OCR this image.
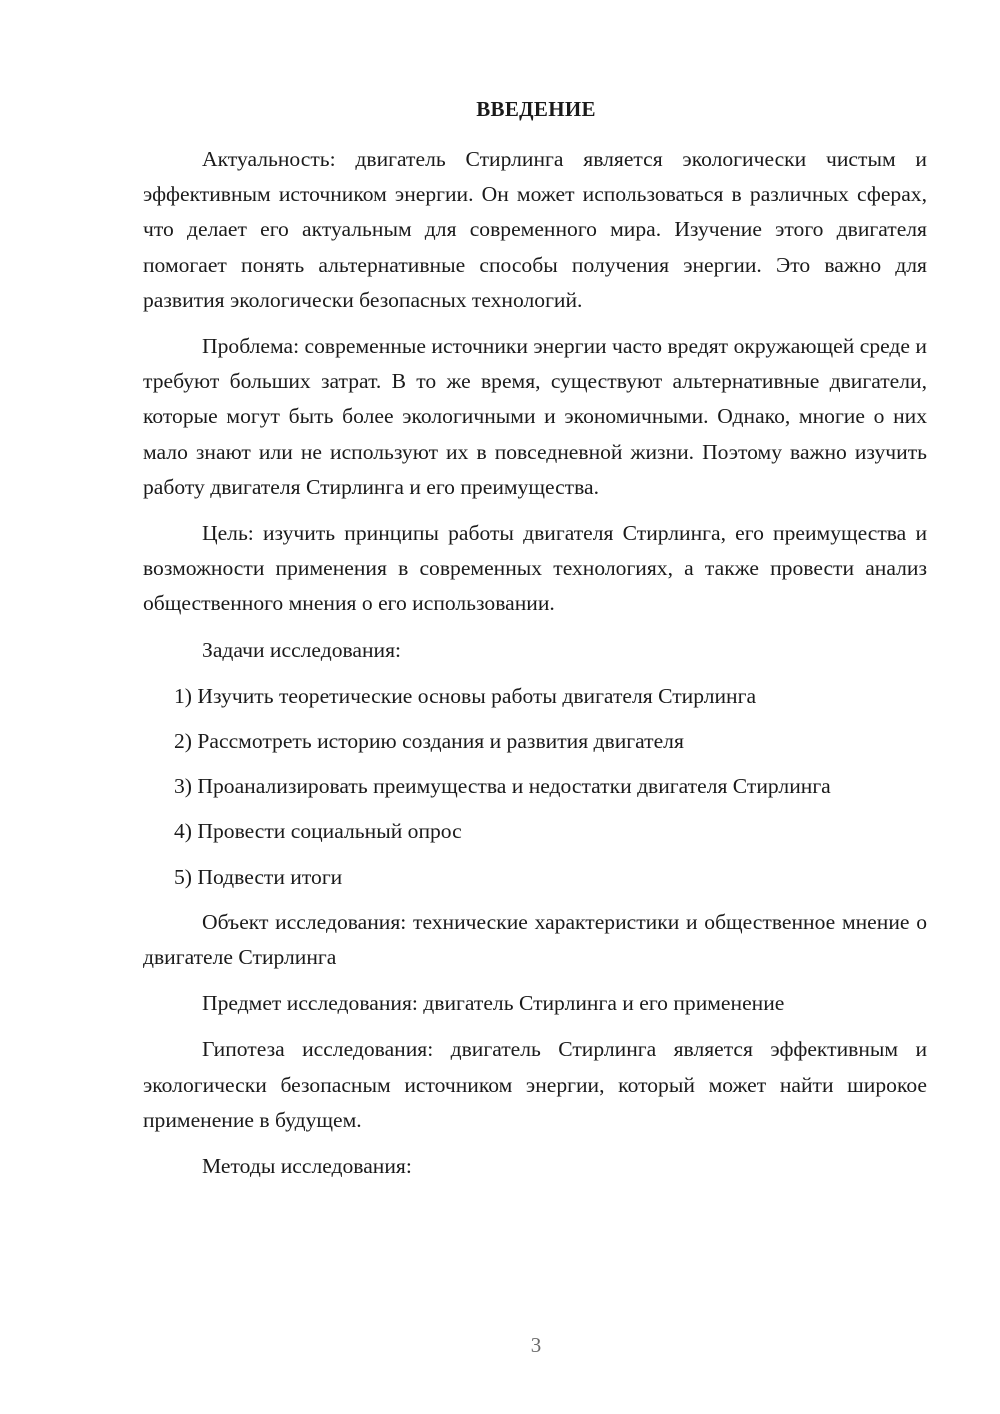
ВВЕДЕНИЕ

Актуальность: двигатель Стирлинга является экологически чистым и эффективным источником энергии. Он может использоваться в различных сферах, что делает его актуальным для современного мира. Изучение этого двигателя помогает понять альтернативные способы получения энергии. Это важно для развития экологически безопасных технологий.

Проблема: современные источники энергии часто вредят окружающей среде и требуют больших затрат. В то же время, существуют альтернативные двигатели, которые могут быть более экологичными и экономичными. Однако, многие о них мало знают или не используют их в повседневной жизни. Поэтому важно изучить работу двигателя Стирлинга и его преимущества.

Цель: изучить принципы работы двигателя Стирлинга, его преимущества и возможности применения в современных технологиях, а также провести анализ общественного мнения о его использовании.

Задачи исследования:

1) Изучить теоретические основы работы двигателя Стирлинга

2) Рассмотреть историю создания и развития двигателя

3) Проанализировать преимущества и недостатки двигателя Стирлинга

4) Провести социальный опрос

5) Подвести итоги

Объект исследования: технические характеристики и общественное мнение о двигателе Стирлинга

Предмет исследования: двигатель Стирлинга и его применение

Гипотеза исследования: двигатель Стирлинга является эффективным и экологически безопасным источником энергии, который может найти широкое применение в будущем.

Методы исследования:

3
